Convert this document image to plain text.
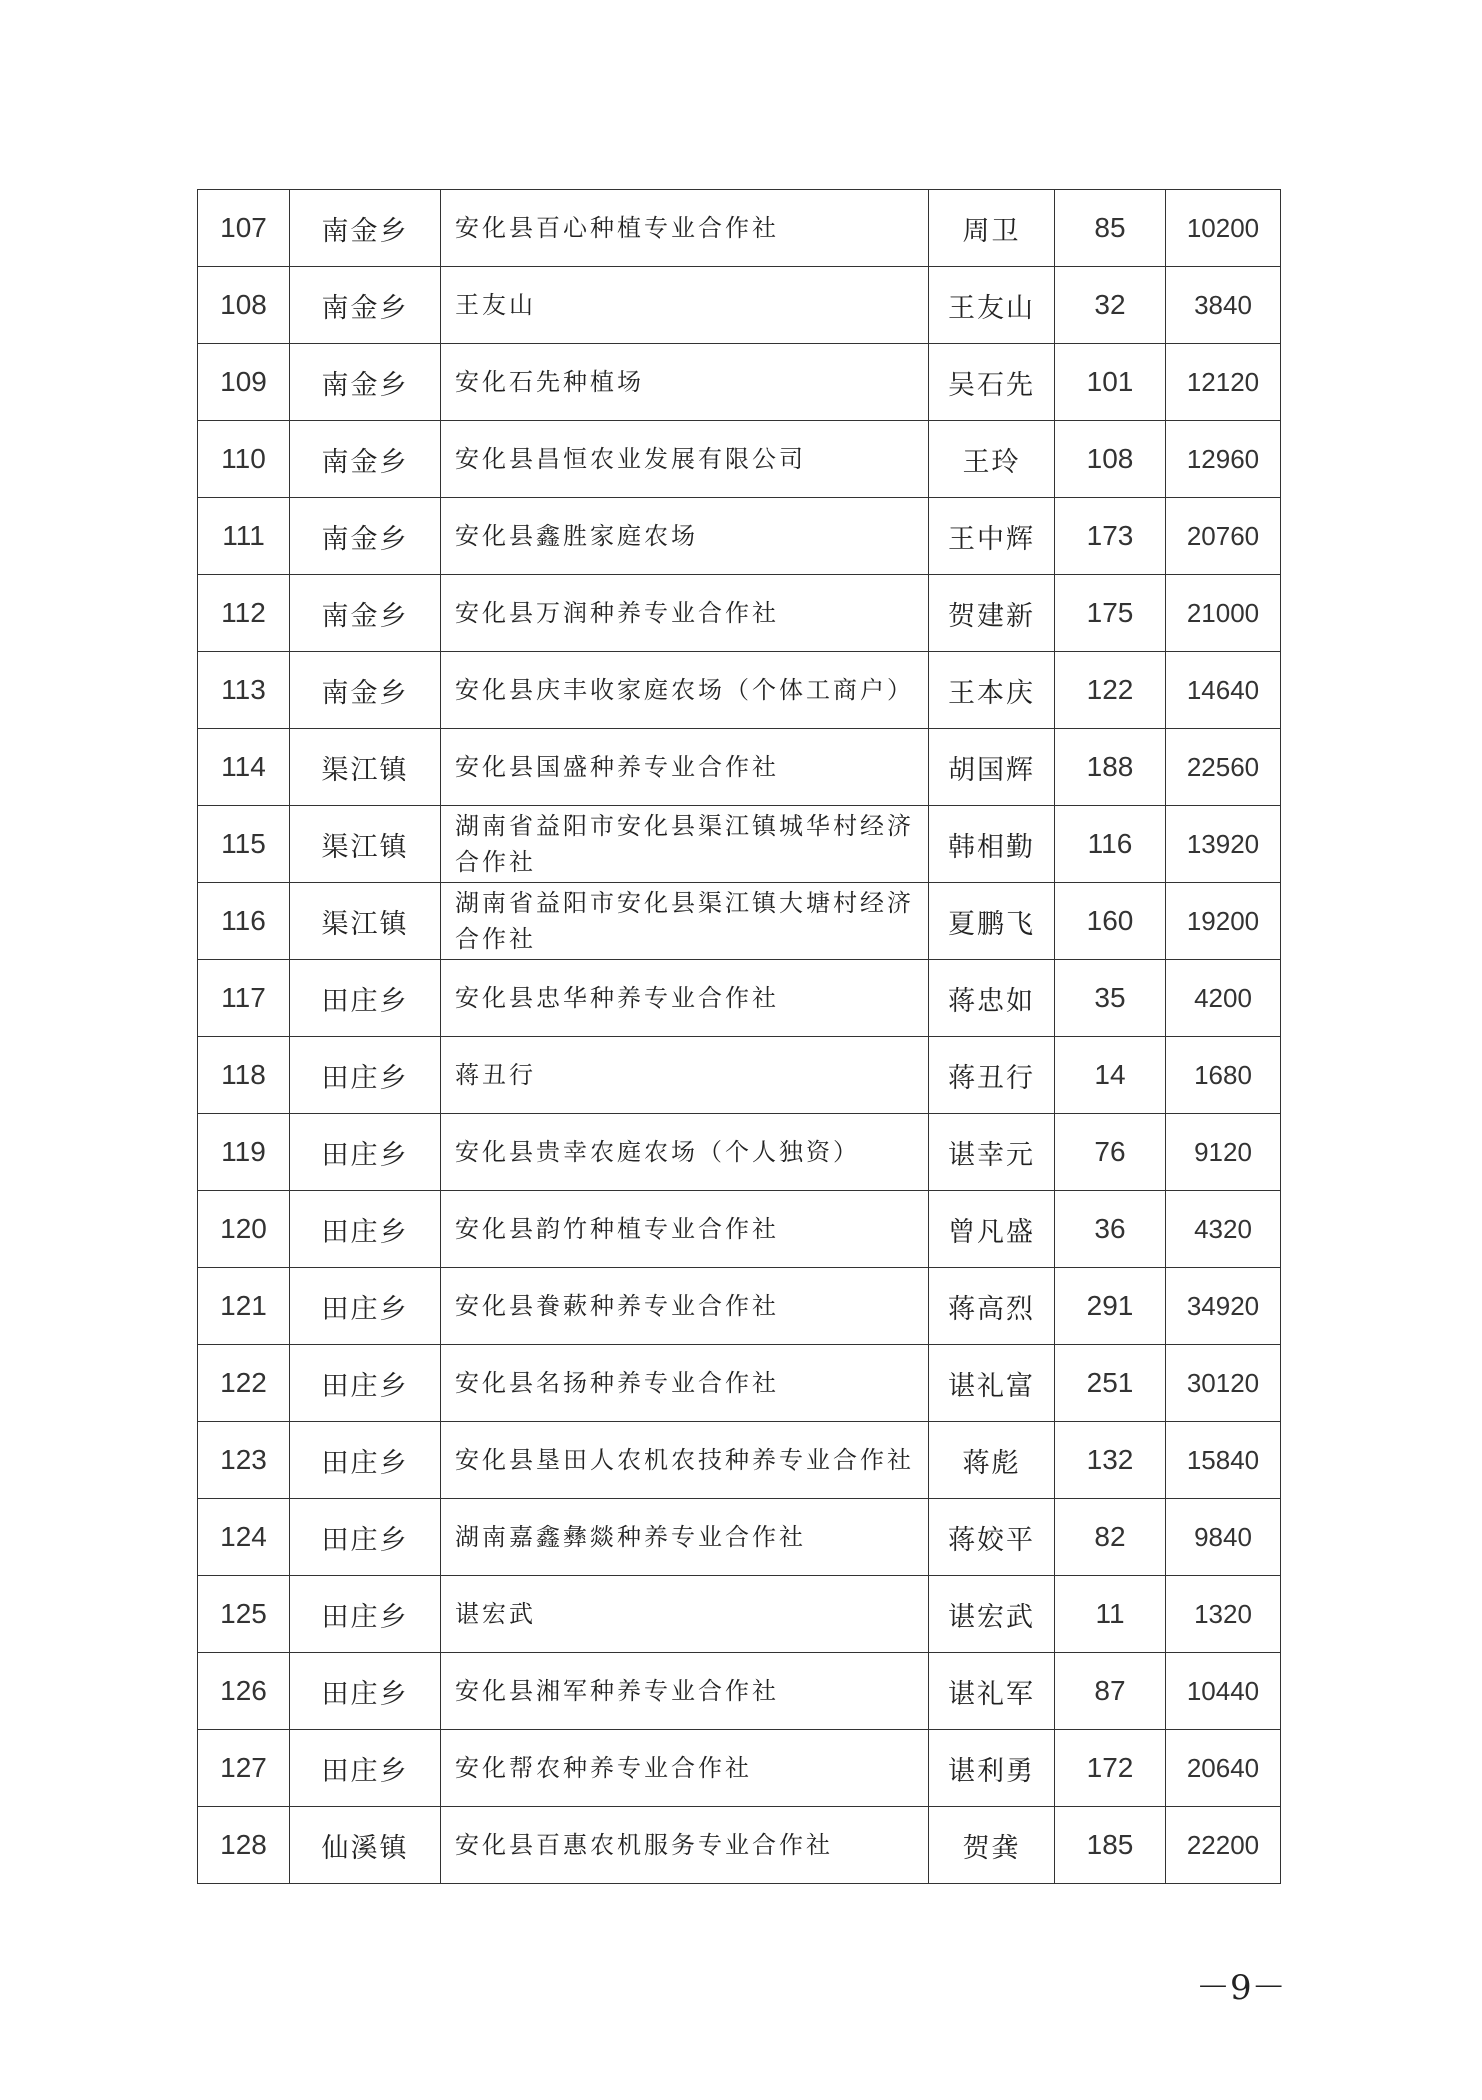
107	南金乡	安化县百心种植专业合作社	周卫	85	10200
108	南金乡	王友山	王友山	32	3840
109	南金乡	安化石先种植场	吴石先	101	12120
110	南金乡	安化县昌恒农业发展有限公司	王玲	108	12960
111	南金乡	安化县鑫胜家庭农场	王中辉	173	20760
112	南金乡	安化县万润种养专业合作社	贺建新	175	21000
113	南金乡	安化县庆丰收家庭农场（个体工商户）	王本庆	122	14640
114	渠江镇	安化县国盛种养专业合作社	胡国辉	188	22560
115	渠江镇	湖南省益阳市安化县渠江镇城华村经济合作社	韩相勤	116	13920
116	渠江镇	湖南省益阳市安化县渠江镇大塘村经济合作社	夏鹏飞	160	19200
117	田庄乡	安化县忠华种养专业合作社	蒋忠如	35	4200
118	田庄乡	蒋丑行	蒋丑行	14	1680
119	田庄乡	安化县贵幸农庭农场（个人独资）	谌幸元	76	9120
120	田庄乡	安化县韵竹种植专业合作社	曾凡盛	36	4320
121	田庄乡	安化县飬蔌种养专业合作社	蒋高烈	291	34920
122	田庄乡	安化县名扬种养专业合作社	谌礼富	251	30120
123	田庄乡	安化县垦田人农机农技种养专业合作社	蒋彪	132	15840
124	田庄乡	湖南嘉鑫彝燚种养专业合作社	蒋姣平	82	9840
125	田庄乡	谌宏武	谌宏武	11	1320
126	田庄乡	安化县湘军种养专业合作社	谌礼军	87	10440
127	田庄乡	安化帮农种养专业合作社	谌利勇	172	20640
128	仙溪镇	安化县百惠农机服务专业合作社	贺龚	185	22200
－9－
